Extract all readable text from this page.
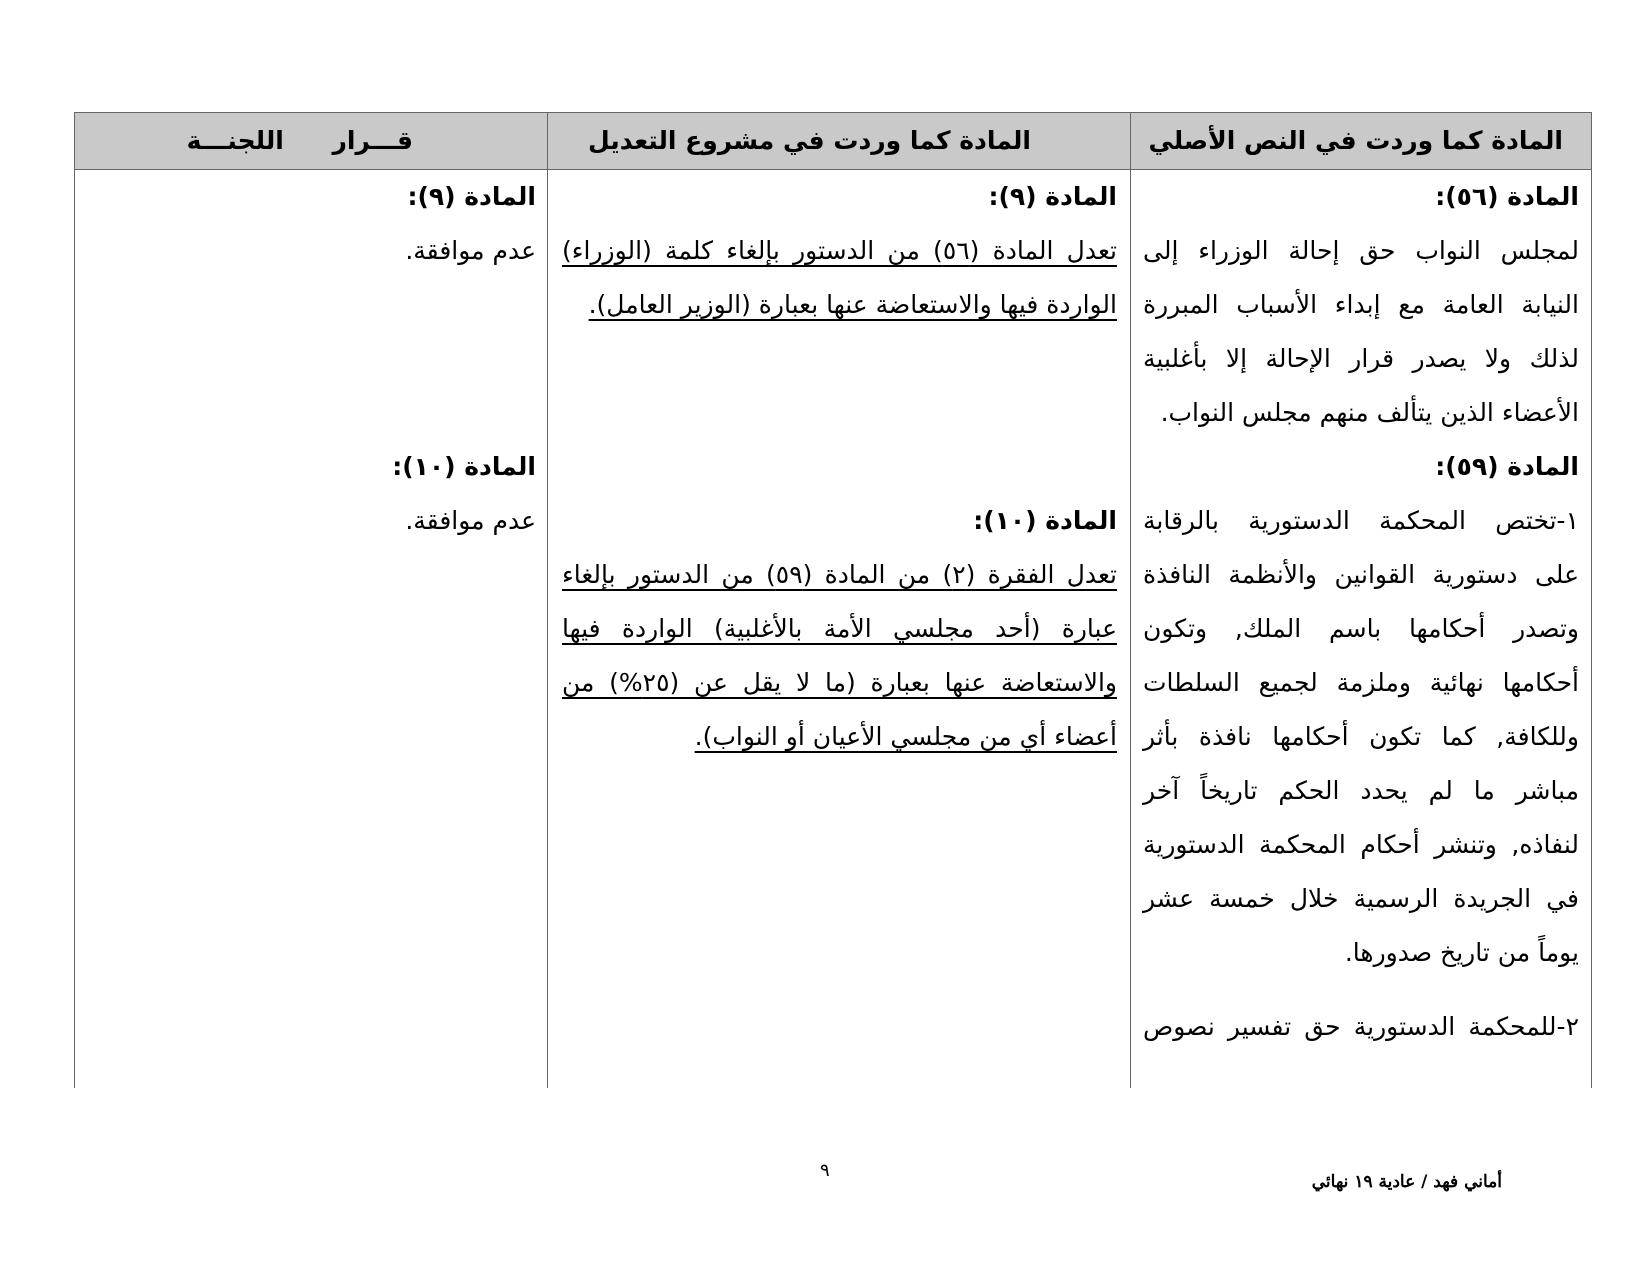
المادة كما وردت في النص الأصلي
المادة كما وردت في مشروع التعديل
قـــرار اللجنـــة
المادة (٥٦):
لمجلس النواب حق إحالة الوزراء إلى
النيابة العامة مع إبداء الأسباب المبررة
لذلك ولا يصدر قرار الإحالة إلا بأغلبية
الأعضاء الذين يتألف منهم مجلس النواب.
المادة (٥٩):
١-تختص المحكمة الدستورية بالرقابة
على دستورية القوانين والأنظمة النافذة
وتصدر أحكامها باسم الملك, وتكون
أحكامها نهائية وملزمة لجميع السلطات
وللكافة, كما تكون أحكامها نافذة بأثر
مباشر ما لم يحدد الحكم تاريخاً آخر
لنفاذه, وتنشر أحكام المحكمة الدستورية
في الجريدة الرسمية خلال خمسة عشر
يوماً من تاريخ صدورها.
٢-للمحكمة الدستورية حق تفسير نصوص
المادة (٩):
تعدل المادة (٥٦) من الدستور بإلغاء كلمة (الوزراء)
الواردة فيها والاستعاضة عنها بعبارة (الوزير العامل).
المادة (١٠):
تعدل الفقرة (٢) من المادة (٥٩) من الدستور بإلغاء
عبارة (أحد مجلسي الأمة بالأغلبية) الواردة فيها
والاستعاضة عنها بعبارة (ما لا يقل عن (٢٥%) من
أعضاء أي من مجلسي الأعيان أو النواب).
المادة (٩):
عدم موافقة.
المادة (١٠):
عدم موافقة.
٩
أماني فهد / عادية ١٩ نهائي
